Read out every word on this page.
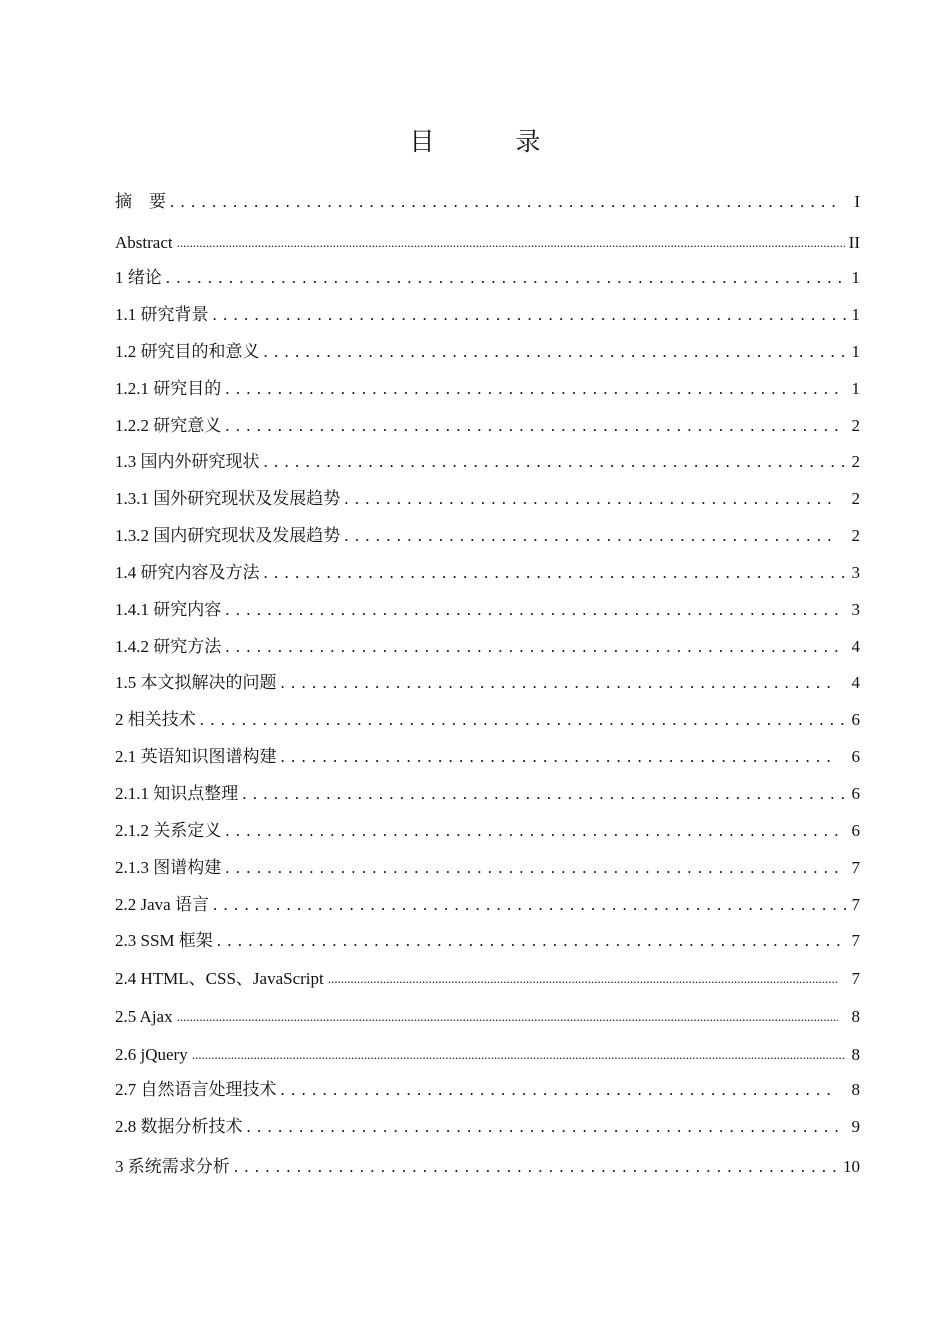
目　录
摘　要 . . .	I
Abstract .....	II
1 绪论 . . .	1
1.1 研究背景 . . .	1
1.2 研究目的和意义 . . .	1
1.2.1 研究目的 . . .	1
1.2.2 研究意义 . . .	2
1.3 国内外研究现状 . . .	2
1.3.1 国外研究现状及发展趋势 . . .	2
1.3.2 国内研究现状及发展趋势 . . .	2
1.4 研究内容及方法 . . .	3
1.4.1 研究内容 . . .	3
1.4.2 研究方法 . . .	4
1.5 本文拟解决的问题 . . .	4
2 相关技术 . . .	6
2.1 英语知识图谱构建 . . .	6
2.1.1 知识点整理 . . .	6
2.1.2 关系定义 . . .	6
2.1.3 图谱构建 . . .	7
2.2 Java 语言 . . .	7
2.3 SSM 框架 . . .	7
2.4 HTML、CSS、JavaScript .....	7
2.5 Ajax .....	8
2.6 jQuery .....	8
2.7 自然语言处理技术 . . .	8
2.8 数据分析技术 . . .	9
3 系统需求分析 . . .	10
